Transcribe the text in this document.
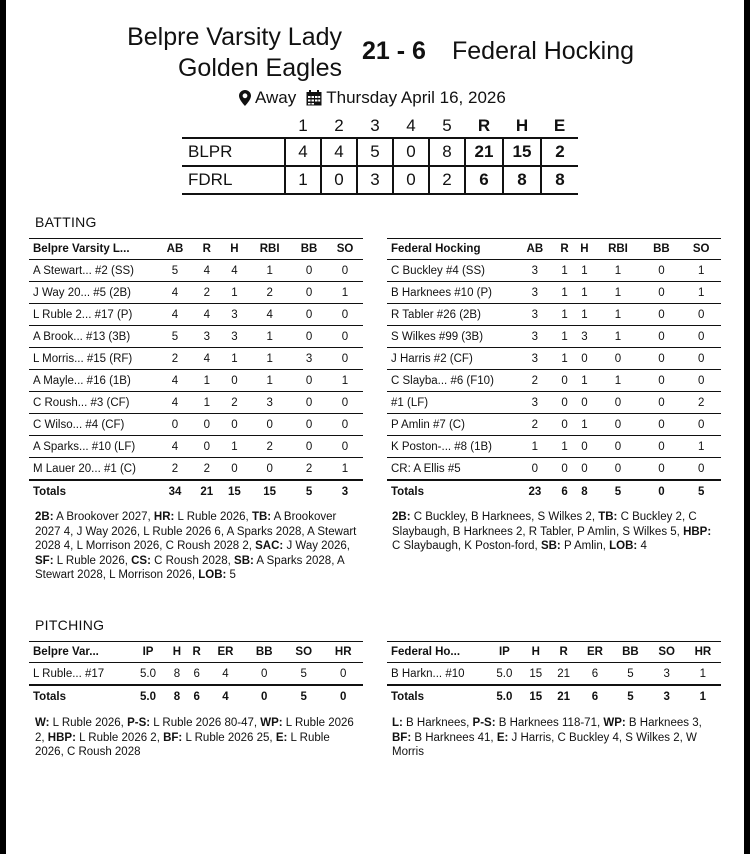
Belpre Varsity Lady Golden Eagles
21 - 6 Federal Hocking
Away Thursday April 16, 2026
	1	2	3	4	5	R	H	E
BLPR	4	4	5	0	8	21	15	2
FDRL	1	0	3	0	2	6	8	8
BATTING
Belpre Varsity L...	AB	R	H	RBI	BB	SO
A Stewart... #2 (SS)	5	4	4	1	0	0
J Way 20... #5 (2B)	4	2	1	2	0	1
L Ruble 2... #17 (P)	4	4	3	4	0	0
A Brook... #13 (3B)	5	3	3	1	0	0
L Morris... #15 (RF)	2	4	1	1	3	0
A Mayle... #16 (1B)	4	1	0	1	0	1
C Roush... #3 (CF)	4	1	2	3	0	0
C Wilso... #4 (CF)	0	0	0	0	0	0
A Sparks... #10 (LF)	4	0	1	2	0	0
M Lauer 20... #1 (C)	2	2	0	0	2	1
Totals	34	21	15	15	5	3
Federal Hocking	AB	R	H	RBI	BB	SO
C Buckley #4 (SS)	3	1	1	1	0	1
B Harknees #10 (P)	3	1	1	1	0	1
R Tabler #26 (2B)	3	1	1	1	0	0
S Wilkes #99 (3B)	3	1	3	1	0	0
J Harris #2 (CF)	3	1	0	0	0	0
C Slayba... #6 (F10)	2	0	1	1	0	0
#1 (LF)	3	0	0	0	0	2
P Amlin #7 (C)	2	0	1	0	0	0
K Poston-... #8 (1B)	1	1	0	0	0	1
CR: A Ellis #5	0	0	0	0	0	0
Totals	23	6	8	5	0	5
2B: A Brookover 2027, HR: L Ruble 2026, TB: A Brookover 2027 4, J Way 2026, L Ruble 2026 6, A Sparks 2028, A Stewart 2028 4, L Morrison 2026, C Roush 2028 2, SAC: J Way 2026, SF: L Ruble 2026, CS: C Roush 2028, SB: A Sparks 2028, A Stewart 2028, L Morrison 2026, LOB: 5
2B: C Buckley, B Harknees, S Wilkes 2, TB: C Buckley 2, C Slaybaugh, B Harknees 2, R Tabler, P Amlin, S Wilkes 5, HBP: C Slaybaugh, K Poston-ford, SB: P Amlin, LOB: 4
PITCHING
Belpre Var...	IP	H	R	ER	BB	SO	HR
L Ruble... #17	5.0	8	6	4	0	5	0
Totals	5.0	8	6	4	0	5	0
Federal Ho...	IP	H	R	ER	BB	SO	HR
B Harkn... #10	5.0	15	21	6	5	3	1
Totals	5.0	15	21	6	5	3	1
W: L Ruble 2026, P-S: L Ruble 2026 80-47, WP: L Ruble 2026 2, HBP: L Ruble 2026 2, BF: L Ruble 2026 25, E: L Ruble 2026, C Roush 2028
L: B Harknees, P-S: B Harknees 118-71, WP: B Harknees 3, BF: B Harknees 41, E: J Harris, C Buckley 4, S Wilkes 2, W Morris
